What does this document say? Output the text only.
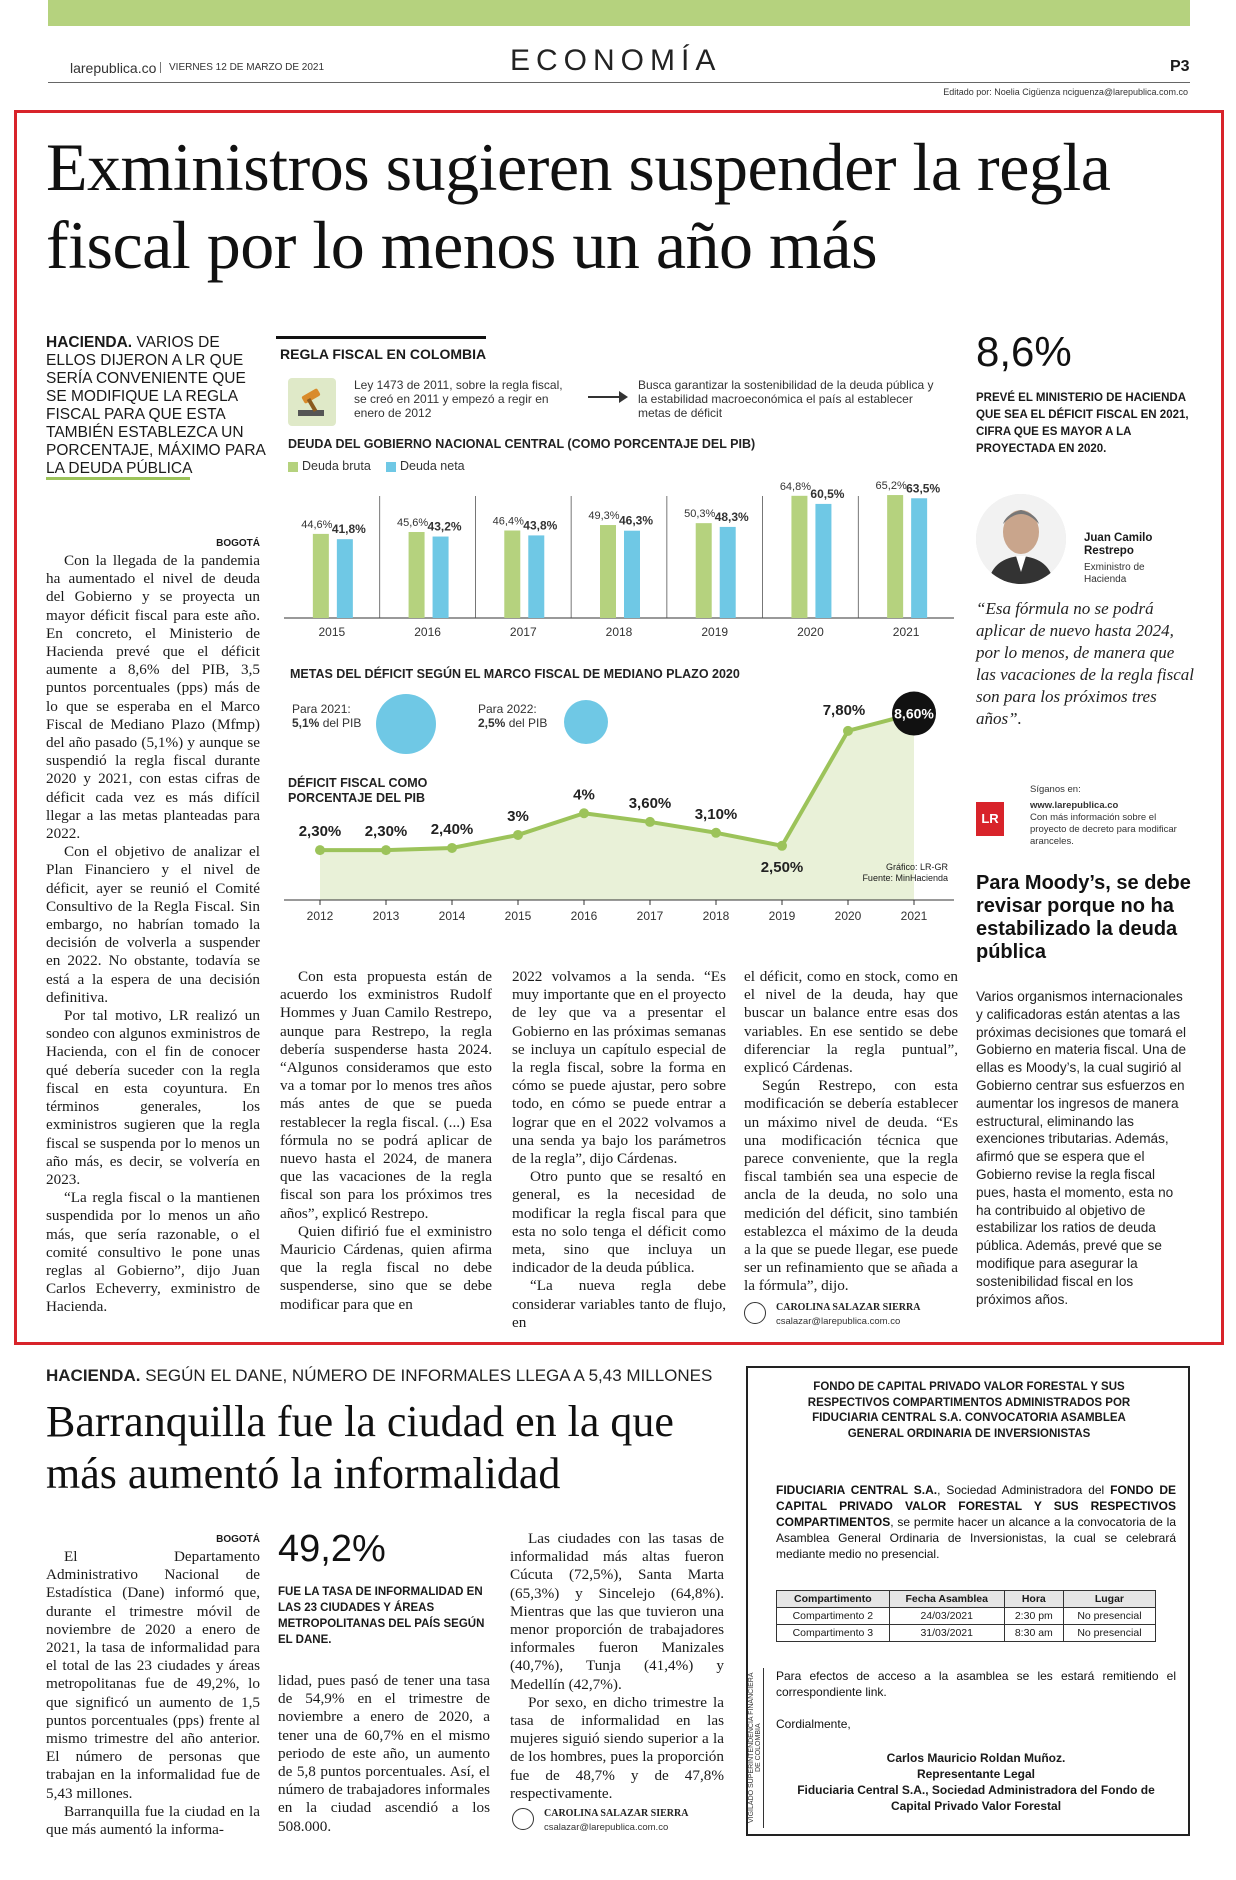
larepublica.co	VIERNES 12 DE MARZO DE 2021	ECONOMÍA	P3
Editado por: Noelia Cigüenza nciguenza@larepublica.com.co
Exministros sugieren suspender la regla fiscal por lo menos un año más
HACIENDA. VARIOS DE ELLOS DIJERON A LR QUE SERÍA CONVENIENTE QUE SE MODIFIQUE LA REGLA FISCAL PARA QUE ESTA TAMBIÉN ESTABLEZCA UN PORCENTAJE, MÁXIMO PARA LA DEUDA PÚBLICA
BOGOTÁ

Con la llegada de la pandemia ha aumentado el nivel de deuda del Gobierno y se proyecta un mayor déficit fiscal para este año. En concreto, el Ministerio de Hacienda prevé que el déficit aumente a 8,6% del PIB, 3,5 puntos porcentuales (pps) más de lo que se esperaba en el Marco Fiscal de Mediano Plazo (Mfmp) del año pasado (5,1%) y aunque se suspendió la regla fiscal durante 2020 y 2021, con estas cifras de déficit cada vez es más difícil llegar a las metas planteadas para 2022.

Con el objetivo de analizar el Plan Financiero y el nivel de déficit, ayer se reunió el Comité Consultivo de la Regla Fiscal. Sin embargo, no habrían tomado la decisión de volverla a suspender en 2022. No obstante, todavía se está a la espera de una decisión definitiva.

Por tal motivo, LR realizó un sondeo con algunos exministros de Hacienda, con el fin de conocer qué debería suceder con la regla fiscal en esta coyuntura. En términos generales, los exministros sugieren que la regla fiscal se suspenda por lo menos un año más, es decir, se volvería en 2023.

“La regla fiscal o la mantienen suspendida por lo menos un año más, que sería razonable, o el comité consultivo le pone unas reglas al Gobierno”, dijo Juan Carlos Echeverry, exministro de Hacienda.

REGLA FISCAL EN COLOMBIA
Ley 1473 de 2011, sobre la regla fiscal, se creó en 2011 y empezó a regir en enero de 2012
Busca garantizar la sostenibilidad de la deuda pública y la estabilidad macroeconómica el país al establecer metas de déficit
DEUDA DEL GOBIERNO NACIONAL CENTRAL (COMO PORCENTAJE DEL PIB)
Deuda bruta	Deuda neta
2015
44,6% 41,8%
2016
45,6% 43,2%
2017
46,4% 43,8%
2018
49,3% 46,3%
2019
50,3% 48,3%
2020
64,8%
60,5%
2021
65,2% 63,5%
METAS DEL DÉFICIT SEGÚN EL MARCO FISCAL DE MEDIANO PLAZO 2020
Para 2021:
5,1% del PIB
Para 2022:
2,5% del PIB
DÉFICIT FISCAL COMO PORCENTAJE DEL PIB
2012
2,30%
2013
2,30%
2014
2,40%
2015
3%
2016
4%
2017
3,60%
2018
3,10%
2019
2,50%
2020
7,80%
2021
8,60%
Gráfico: LR-GR
Fuente: MinHacienda

Con esta propuesta están de acuerdo los exministros Rudolf Hommes y Juan Camilo Restrepo, aunque para Restrepo, la regla debería suspenderse hasta 2024. “Algunos consideramos que esto va a tomar por lo menos tres años más antes de que se pueda restablecer la regla fiscal. (...) Esa fórmula no se podrá aplicar de nuevo hasta el 2024, de manera que las vacaciones de la regla fiscal son para los próximos tres años”, explicó Restrepo.

Quien difirió fue el exministro Mauricio Cárdenas, quien afirma que la regla fiscal no debe suspenderse, sino que se debe modificar para que en

2022 volvamos a la senda. “Es muy importante que en el proyecto de ley que va a presentar el Gobierno en las próximas semanas se incluya un capítulo especial de la regla fiscal, sobre la forma en cómo se puede ajustar, pero sobre todo, en cómo se puede entrar a lograr que en el 2022 volvamos a una senda ya bajo los parámetros de la regla”, dijo Cárdenas.

Otro punto que se resaltó en general, es la necesidad de modificar la regla fiscal para que esta no solo tenga el déficit como meta, sino que incluya un indicador de la deuda pública.

“La nueva regla debe considerar variables tanto de flujo, en

el déficit, como en stock, como en el nivel de la deuda, hay que buscar un balance entre esas dos variables. En ese sentido se debe diferenciar la regla puntual”, explicó Cárdenas.

Según Restrepo, con esta modificación se debería establecer un máximo nivel de deuda. “Es una modificación técnica que parece conveniente, que la regla fiscal también sea una especie de ancla de la deuda, no solo una medición del déficit, sino también establezca el máximo de la deuda a la que se puede llegar, ese puede ser un refinamiento que se añada a la fórmula”, dijo.

CAROLINA SALAZAR SIERRA
csalazar@larepublica.com.co
8,6%
PREVÉ EL MINISTERIO DE HACIENDA QUE SEA EL DÉFICIT FISCAL EN 2021, CIFRA QUE ES MAYOR A LA PROYECTADA EN 2020.
Juan Camilo Restrepo
Exministro de Hacienda
“Esa fórmula no se podrá aplicar de nuevo hasta 2024, por lo menos, de manera que las vacaciones de la regla fiscal son para los próximos tres años”.
Síganos en:
LR
www.larepublica.co
Con más información sobre el proyecto de decreto para modificar aranceles.
Para Moody’s, se debe revisar porque no ha estabilizado la deuda pública
Varios organismos internacionales y calificadoras están atentas a las próximas decisiones que tomará el Gobierno en materia fiscal. Una de ellas es Moody’s, la cual sugirió al Gobierno centrar sus esfuerzos en aumentar los ingresos de manera estructural, eliminando las exenciones tributarias. Además, afirmó que se espera que el Gobierno revise la regla fiscal pues, hasta el momento, esta no ha contribuido al objetivo de estabilizar los ratios de deuda pública. Además, prevé que se modifique para asegurar la sostenibilidad fiscal en los próximos años.
HACIENDA. SEGÚN EL DANE, NÚMERO DE INFORMALES LLEGA A 5,43 MILLONES
Barranquilla fue la ciudad en la que más aumentó la informalidad
BOGOTÁ

El Departamento Administrativo Nacional de Estadística (Dane) informó que, durante el trimestre móvil de noviembre de 2020 a enero de 2021, la tasa de informalidad para el total de las 23 ciudades y áreas metropolitanas fue de 49,2%, lo que significó un aumento de 1,5 puntos porcentuales (pps) frente al mismo trimestre del año anterior. El número de personas que trabajan en la informalidad fue de 5,43 millones.

Barranquilla fue la ciudad en la que más aumentó la informa-

49,2%
FUE LA TASA DE INFORMALIDAD EN LAS 23 CIUDADES Y ÁREAS METROPOLITANAS DEL PAÍS SEGÚN EL DANE.

lidad, pues pasó de tener una tasa de 54,9% en el trimestre de noviembre a enero de 2020, a tener una de 60,7% en el mismo periodo de este año, un aumento de 5,8 puntos porcentuales. Así, el número de trabajadores informales en la ciudad ascendió a los 508.000.

Las ciudades con las tasas de informalidad más altas fueron Cúcuta (72,5%), Santa Marta (65,3%) y Sincelejo (64,8%). Mientras que las que tuvieron una menor proporción de trabajadores informales fueron Manizales (40,7%), Tunja (41,4%) y Medellín (42,7%).

Por sexo, en dicho trimestre la tasa de informalidad en las mujeres siguió siendo superior a la de los hombres, pues la proporción fue de 48,7% y de 47,8% respectivamente.

CAROLINA SALAZAR SIERRA
csalazar@larepublica.com.co
FONDO DE CAPITAL PRIVADO VALOR FORESTAL Y SUS RESPECTIVOS COMPARTIMENTOS ADMINISTRADOS POR FIDUCIARIA CENTRAL S.A. CONVOCATORIA ASAMBLEA GENERAL ORDINARIA DE INVERSIONISTAS
FIDUCIARIA CENTRAL S.A., Sociedad Administradora del FONDO DE CAPITAL PRIVADO VALOR FORESTAL Y SUS RESPECTIVOS COMPARTIMENTOS, se permite hacer un alcance a la convocatoria de la Asamblea General Ordinaria de Inversionistas, la cual se celebrará mediante medio no presencial.
Compartimento	Fecha Asamblea	Hora	Lugar
Compartimento 2	24/03/2021	2:30 pm	No presencial
Compartimento 3	31/03/2021	8:30 am	No presencial
Para efectos de acceso a la asamblea se les estará remitiendo el correspondiente link.
Cordialmente,
Carlos Mauricio Roldan Muñoz.
Representante Legal
Fiduciaria Central S.A., Sociedad Administradora del Fondo de Capital Privado Valor Forestal
VIGILADO SUPERINTENDENCIA FINANCIERA DE COLOMBIA
